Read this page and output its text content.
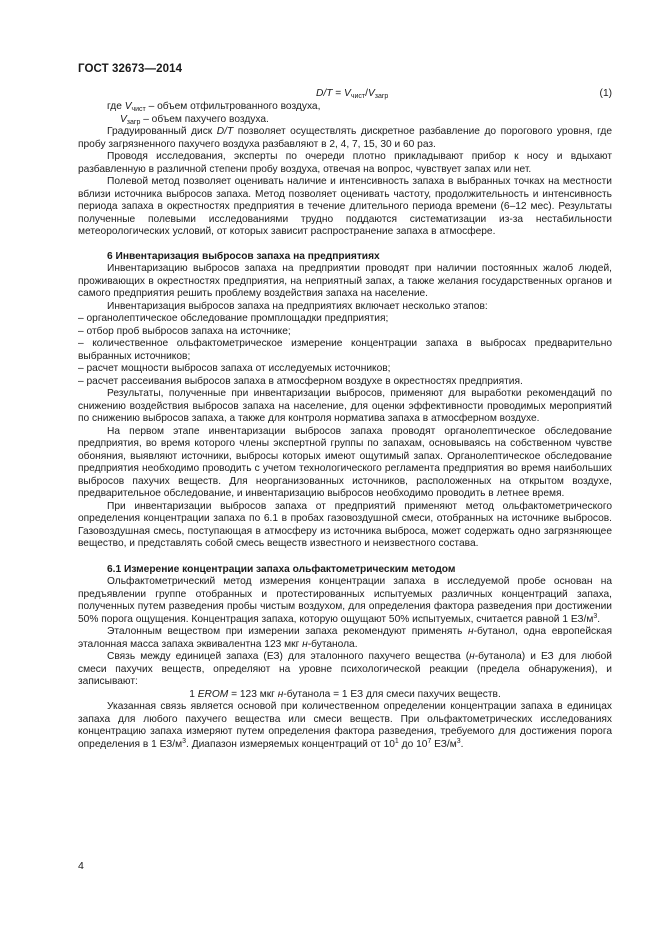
ГОСТ 32673—2014
$D/T = V_{чист}/V_{загр}$	(1)

где $V_{чист}$ – объем отфильтрованного воздуха,

$V_{загр}$ – объем пахучего воздуха.

Градуированный диск D/T позволяет осуществлять дискретное разбавление до порогового уровня, где пробу загрязненного пахучего воздуха разбавляют в 2, 4, 7, 15, 30 и 60 раз.

Проводя исследования, эксперты по очереди плотно прикладывают прибор к носу и вдыхают разбавленную в различной степени пробу воздуха, отвечая на вопрос, чувствует запах или нет.

Полевой метод позволяет оценивать наличие и интенсивность запаха в выбранных точках на местности вблизи источника выбросов запаха. Метод позволяет оценивать частоту, продолжительность и интенсивность периода запаха в окрестностях предприятия в течение длительного периода времени (6–12 мес). Результаты полученные полевыми исследованиями трудно поддаются систематизации из-за нестабильности метеорологических условий, от которых зависит распространение запаха в атмосфере.

6 Инвентаризация выбросов запаха на предприятиях

Инвентаризацию выбросов запаха на предприятии проводят при наличии постоянных жалоб людей, проживающих в окрестностях предприятия, на неприятный запах, а также желания государственных органов и самого предприятия решить проблему воздействия запаха на население.

Инвентаризация выбросов запаха на предприятиях включает несколько этапов:

– органолептическое обследование промплощадки предприятия;

– отбор проб выбросов запаха на источнике;

– количественное ольфактометрическое измерение концентрации запаха в выбросах предварительно выбранных источников;

– расчет мощности выбросов запаха от исследуемых источников;

– расчет рассеивания выбросов запаха в атмосферном воздухе в окрестностях предприятия.

Результаты, полученные при инвентаризации выбросов, применяют для выработки рекомендаций по снижению воздействия выбросов запаха на население, для оценки эффективности проводимых мероприятий по снижению выбросов запаха, а также для контроля норматива запаха в атмосферном воздухе.

На первом этапе инвентаризации выбросов запаха проводят органолептическое обследование предприятия, во время которого члены экспертной группы по запахам, основываясь на собственном чувстве обоняния, выявляют источники, выбросы которых имеют ощутимый запах. Органолептическое обследование предприятия необходимо проводить с учетом технологического регламента предприятия во время наибольших выбросов пахучих веществ. Для неорганизованных источников, расположенных на открытом воздухе, предварительное обследование, и инвентаризацию выбросов необходимо проводить в летнее время.

При инвентаризации выбросов запаха от предприятий применяют метод ольфактометрического определения концентрации запаха по 6.1 в пробах газовоздушной смеси, отобранных на источнике выбросов. Газовоздушная смесь, поступающая в атмосферу из источника выброса, может содержать одно загрязняющее вещество, и представлять собой смесь веществ известного и неизвестного состава.

6.1 Измерение концентрации запаха ольфактометрическим методом

Ольфактометрический метод измерения концентрации запаха в исследуемой пробе основан на предъявлении группе отобранных и протестированных испытуемых различных концентраций запаха, полученных путем разведения пробы чистым воздухом, для определения фактора разведения при достижении 50% порога ощущения. Концентрация запаха, которую ощущают 50% испытуемых, считается равной 1 $ЕЗ/м^3$.

Эталонным веществом при измерении запаха рекомендуют применять н-бутанол, одна европейская эталонная масса запаха эквивалентна 123 мкг н-бутанола.

Связь между единицей запаха (ЕЗ) для эталонного пахучего вещества (н-бутанола) и ЕЗ для любой смеси пахучих веществ, определяют на уровне психологической реакции (предела обнаружения), и записывают:

1 EROM = 123 мкг н-бутанола = 1 ЕЗ для смеси пахучих веществ.

Указанная связь является основой при количественном определении концентрации запаха в единицах запаха для любого пахучего вещества или смеси веществ. При ольфактометрических исследованиях концентрацию запаха измеряют путем определения фактора разведения, требуемого для достижения порога определения в 1 $ЕЗ/м^3$. Диапазон измеряемых концентраций от $10^1$ до $10^7$ $ЕЗ/м^3$.

4
